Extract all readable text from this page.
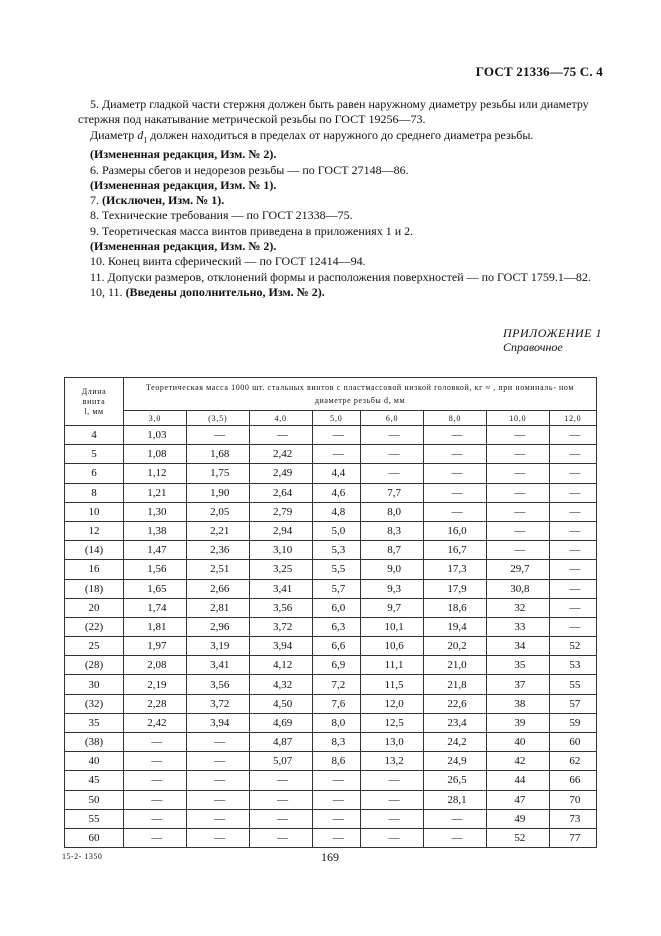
ГОСТ 21336—75 С. 4

5. Диаметр гладкой части стержня должен быть равен наружному диаметру резьбы или диаметру

стержня под накатывание метрической резьбы по ГОСТ 19256—73.

Диаметр $d_1$ должен находиться в пределах от наружного до среднего диаметра резьбы.

(Измененная редакция, Изм. № 2).

6. Размеры сбегов и недорезов резьбы — по ГОСТ 27148—86.

(Измененная редакция, Изм. № 1).

7. (Исключен, Изм. № 1).

8. Технические требования — по ГОСТ 21338—75.

9. Теоретическая масса винтов приведена в приложениях 1 и 2.

(Измененная редакция, Изм. № 2).

10. Конец винта сферический — по ГОСТ 12414—94.

11. Допуски размеров, отклонений формы и расположения поверхностей — по ГОСТ 1759.1—82.

10, 11. (Введены дополнительно, Изм. № 2).

ПРИЛОЖЕНИЕ 1
Справочное
Длина
винта
l, мм	Теоретическая масса 1000 шт. стальных винтов с пластмассовой низкой головкой, кг ≈ , при номиналь- ном диаметре резьбы d, мм							
	3,0	(3,5)	4,0	5,0	6,0	8,0	10,0	12,0
4	1,03	—	—	—	—	—	—	—
5	1,08	1,68	2,42	—	—	—	—	—
6	1,12	1,75	2,49	4,4	—	—	—	—
8	1,21	1,90	2,64	4,6	7,7	—	—	—
10	1,30	2,05	2,79	4,8	8,0	—	—	—
12	1,38	2,21	2,94	5,0	8,3	16,0	—	—
(14)	1,47	2,36	3,10	5,3	8,7	16,7	—	—
16	1,56	2,51	3,25	5,5	9,0	17,3	29,7	—
(18)	1,65	2,66	3,41	5,7	9,3	17,9	30,8	—
20	1,74	2,81	3,56	6,0	9,7	18,6	32	—
(22)	1,81	2,96	3,72	6,3	10,1	19,4	33	—
25	1,97	3,19	3,94	6,6	10,6	20,2	34	52
(28)	2,08	3,41	4,12	6,9	11,1	21,0	35	53
30	2,19	3,56	4,32	7,2	11,5	21,8	37	55
(32)	2,28	3,72	4,50	7,6	12,0	22,6	38	57
35	2,42	3,94	4,69	8,0	12,5	23,4	39	59
(38)	—	—	4,87	8,3	13,0	24,2	40	60
40	—	—	5,07	8,6	13,2	24,9	42	62
45	—	—	—	—	—	26,5	44	66
50	—	—	—	—	—	28,1	47	70
55	—	—	—	—	—	—	49	73
60	—	—	—	—	—	—	52	77
15-2- 1350	169
